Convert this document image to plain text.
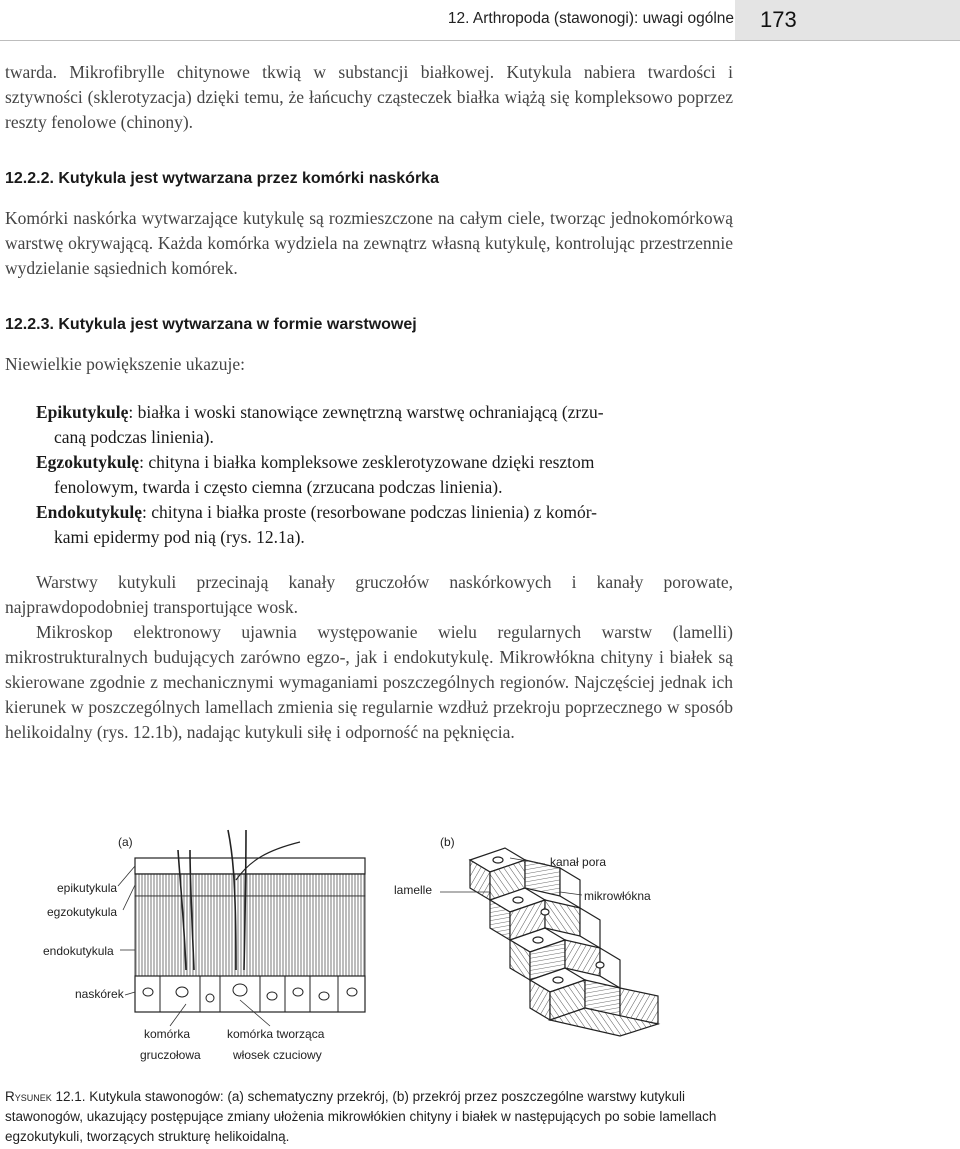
12. Arthropoda (stawonogi): uwagi ogólne 173

twarda. Mikrofibrylle chitynowe tkwią w substancji białkowej. Kutykula nabiera twardości i sztywności (sklerotyzacja) dzięki temu, że łańcuchy cząsteczek białka wiążą się kompleksowo poprzez reszty fenolowe (chinony).

12.2.2. Kutykula jest wytwarzana przez komórki naskórka

Komórki naskórka wytwarzające kutykulę są rozmieszczone na całym ciele, tworząc jednokomórkową warstwę okrywającą. Każda komórka wydziela na zewnątrz własną kutykulę, kontrolując przestrzennie wydzielanie sąsiednich komórek.

12.2.3. Kutykula jest wytwarzana w formie warstwowej

Niewielkie powiększenie ukazuje:

Epikutykulę: białka i woski stanowiące zewnętrzną warstwę ochraniającą (zrzu-
caną podczas linienia).

Egzokutykulę: chityna i białka kompleksowe zesklerotyzowane dzięki resztom
fenolowym, twarda i często ciemna (zrzucana podczas linienia).

Endokutykulę: chityna i białka proste (resorbowane podczas linienia) z komór-
kami epidermy pod nią (rys. 12.1a).

Warstwy kutykuli przecinają kanały gruczołów naskórkowych i kanały porowate, najprawdopodobniej transportujące wosk.

Mikroskop elektronowy ujawnia występowanie wielu regularnych warstw (lamelli) mikrostrukturalnych budujących zarówno egzo-, jak i endokutykulę. Mikrowłókna chityny i białek są skierowane zgodnie z mechanicznymi wymaganiami poszczególnych regionów. Najczęściej jednak ich kierunek w poszczególnych lamellach zmienia się regularnie wzdłuż przekroju poprzecznego w sposób helikoidalny (rys. 12.1b), nadając kutykuli siłę i odporność na pęknięcia.

(a)
epikutykula
egzokutykula
endokutykula
naskórek
komórka
gruczołowa
komórka tworząca
włosek czuciowy
(b)
kanał pora
mikrowłókna
lamelle

Rysunek 12.1. Kutykula stawonogów: (a) schematyczny przekrój, (b) przekrój przez poszczególne warstwy kutykuli stawonogów, ukazujący postępujące zmiany ułożenia mikrowłókien chityny i białek w następujących po sobie lamellach egzokutykuli, tworzących strukturę helikoidalną.
